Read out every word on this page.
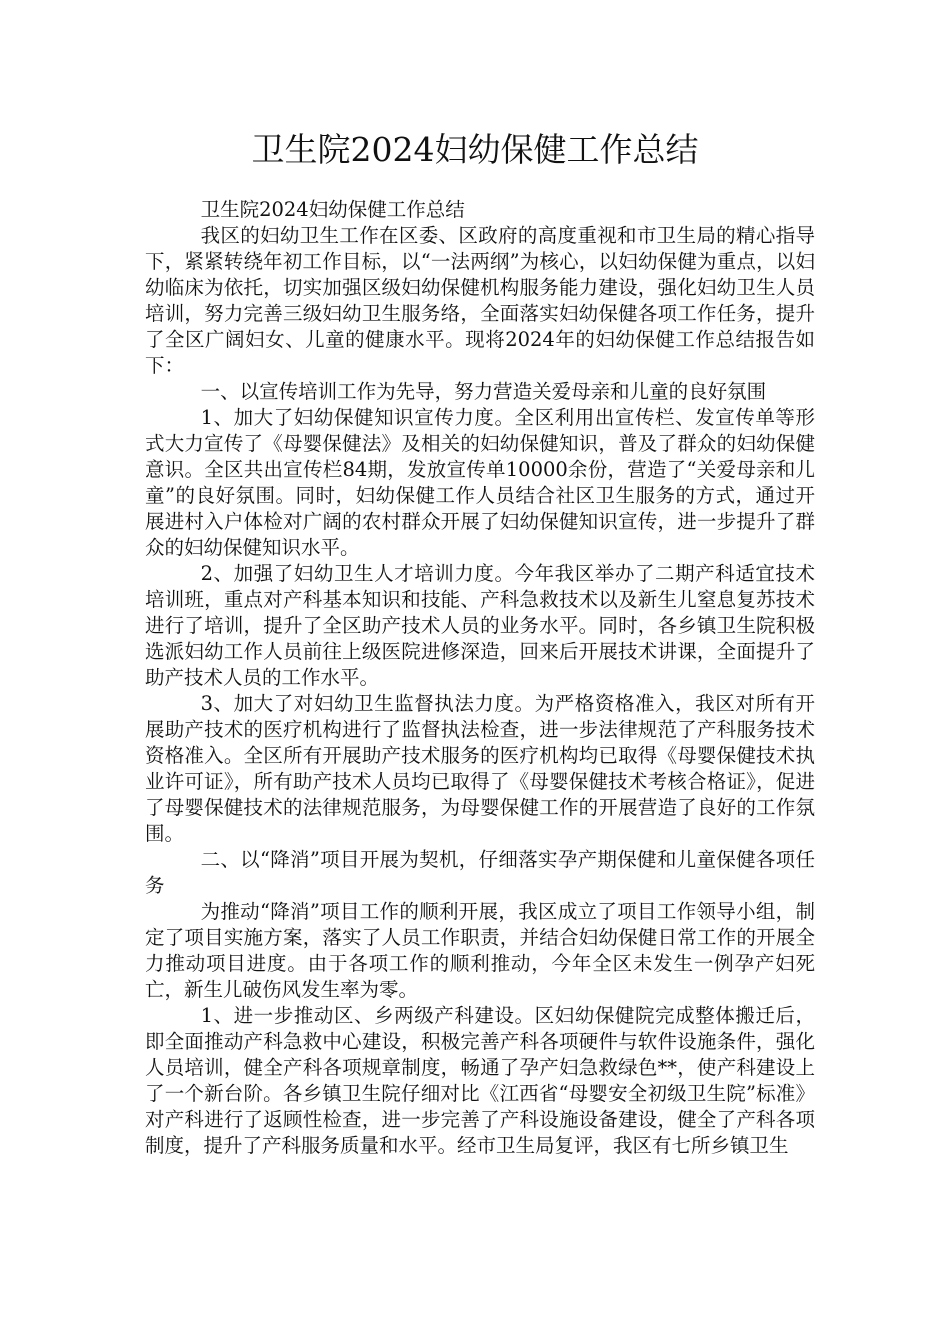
卫生院2024妇幼保健工作总结

卫生院2024妇幼保健工作总结

我区的妇幼卫生工作在区委、区政府的高度重视和市卫生局的精心指导下，紧紧转绕年初工作目标，以“一法两纲”为核心，以妇幼保健为重点，以妇幼临床为依托，切实加强区级妇幼保健机构服务能力建设，强化妇幼卫生人员培训，努力完善三级妇幼卫生服务络，全面落实妇幼保健各项工作任务，提升了全区广阔妇女、儿童的健康水平。现将2024年的妇幼保健工作总结报告如下：

一、以宣传培训工作为先导，努力营造关爱母亲和儿童的良好氛围

1、加大了妇幼保健知识宣传力度。全区利用出宣传栏、发宣传单等形式大力宣传了《母婴保健法》及相关的妇幼保健知识，普及了群众的妇幼保健意识。全区共出宣传栏84期，发放宣传单10000余份，营造了“关爱母亲和儿童”的良好氛围。同时，妇幼保健工作人员结合社区卫生服务的方式，通过开展进村入户体检对广阔的农村群众开展了妇幼保健知识宣传，进一步提升了群众的妇幼保健知识水平。

2、加强了妇幼卫生人才培训力度。今年我区举办了二期产科适宜技术培训班，重点对产科基本知识和技能、产科急救技术以及新生儿窒息复苏技术进行了培训，提升了全区助产技术人员的业务水平。同时，各乡镇卫生院积极选派妇幼工作人员前往上级医院进修深造，回来后开展技术讲课，全面提升了助产技术人员的工作水平。

3、加大了对妇幼卫生监督执法力度。为严格资格准入，我区对所有开展助产技术的医疗机构进行了监督执法检查，进一步法律规范了产科服务技术资格准入。全区所有开展助产技术服务的医疗机构均已取得《母婴保健技术执业许可证》，所有助产技术人员均已取得了《母婴保健技术考核合格证》，促进了母婴保健技术的法律规范服务，为母婴保健工作的开展营造了良好的工作氛围。

二、以“降消”项目开展为契机，仔细落实孕产期保健和儿童保健各项任务

为推动“降消”项目工作的顺利开展，我区成立了项目工作领导小组，制定了项目实施方案，落实了人员工作职责，并结合妇幼保健日常工作的开展全力推动项目进度。由于各项工作的顺利推动，今年全区未发生一例孕产妇死亡，新生儿破伤风发生率为零。

1、进一步推动区、乡两级产科建设。区妇幼保健院完成整体搬迁后，即全面推动产科急救中心建设，积极完善产科各项硬件与软件设施条件，强化人员培训，健全产科各项规章制度，畅通了孕产妇急救绿色**，使产科建设上了一个新台阶。各乡镇卫生院仔细对比《江西省“母婴安全初级卫生院”标准》对产科进行了返顾性检查，进一步完善了产科设施设备建设，健全了产科各项制度，提升了产科服务质量和水平。经市卫生局复评，我区有七所乡镇卫生
